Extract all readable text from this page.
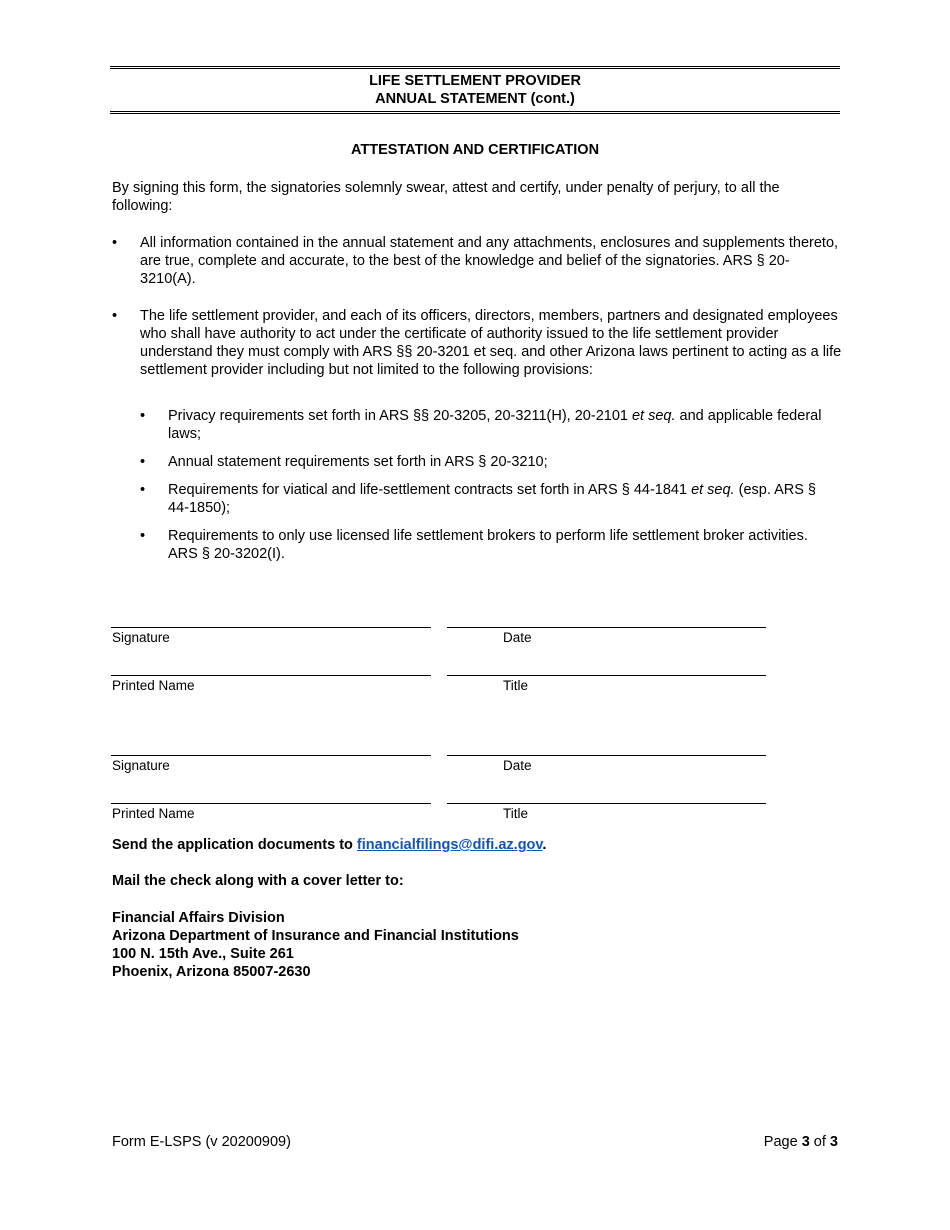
LIFE SETTLEMENT PROVIDER
ANNUAL STATEMENT (cont.)
ATTESTATION AND CERTIFICATION
By signing this form, the signatories solemnly swear, attest and certify, under penalty of perjury, to all the following:
• All information contained in the annual statement and any attachments, enclosures and supplements thereto, are true, complete and accurate, to the best of the knowledge and belief of the signatories. ARS § 20-3210(A).
• The life settlement provider, and each of its officers, directors, members, partners and designated employees who shall have authority to act under the certificate of authority issued to the life settlement provider understand they must comply with ARS §§ 20-3201 et seq. and other Arizona laws pertinent to acting as a life settlement provider including but not limited to the following provisions:
• Privacy requirements set forth in ARS §§ 20-3205, 20-3211(H), 20-2101 et seq. and applicable federal laws;
• Annual statement requirements set forth in ARS § 20-3210;
• Requirements for viatical and life-settlement contracts set forth in ARS § 44-1841 et seq. (esp. ARS § 44-1850);
• Requirements to only use licensed life settlement brokers to perform life settlement broker activities. ARS § 20-3202(I).
Signature	Date
Printed Name	Title
Signature	Date
Printed Name	Title
Send the application documents to financialfilings@difi.az.gov.
Mail the check along with a cover letter to:
Financial Affairs Division
Arizona Department of Insurance and Financial Institutions
100 N. 15th Ave., Suite 261
Phoenix, Arizona 85007-2630
Form E-LSPS (v 20200909)	Page 3 of 3
